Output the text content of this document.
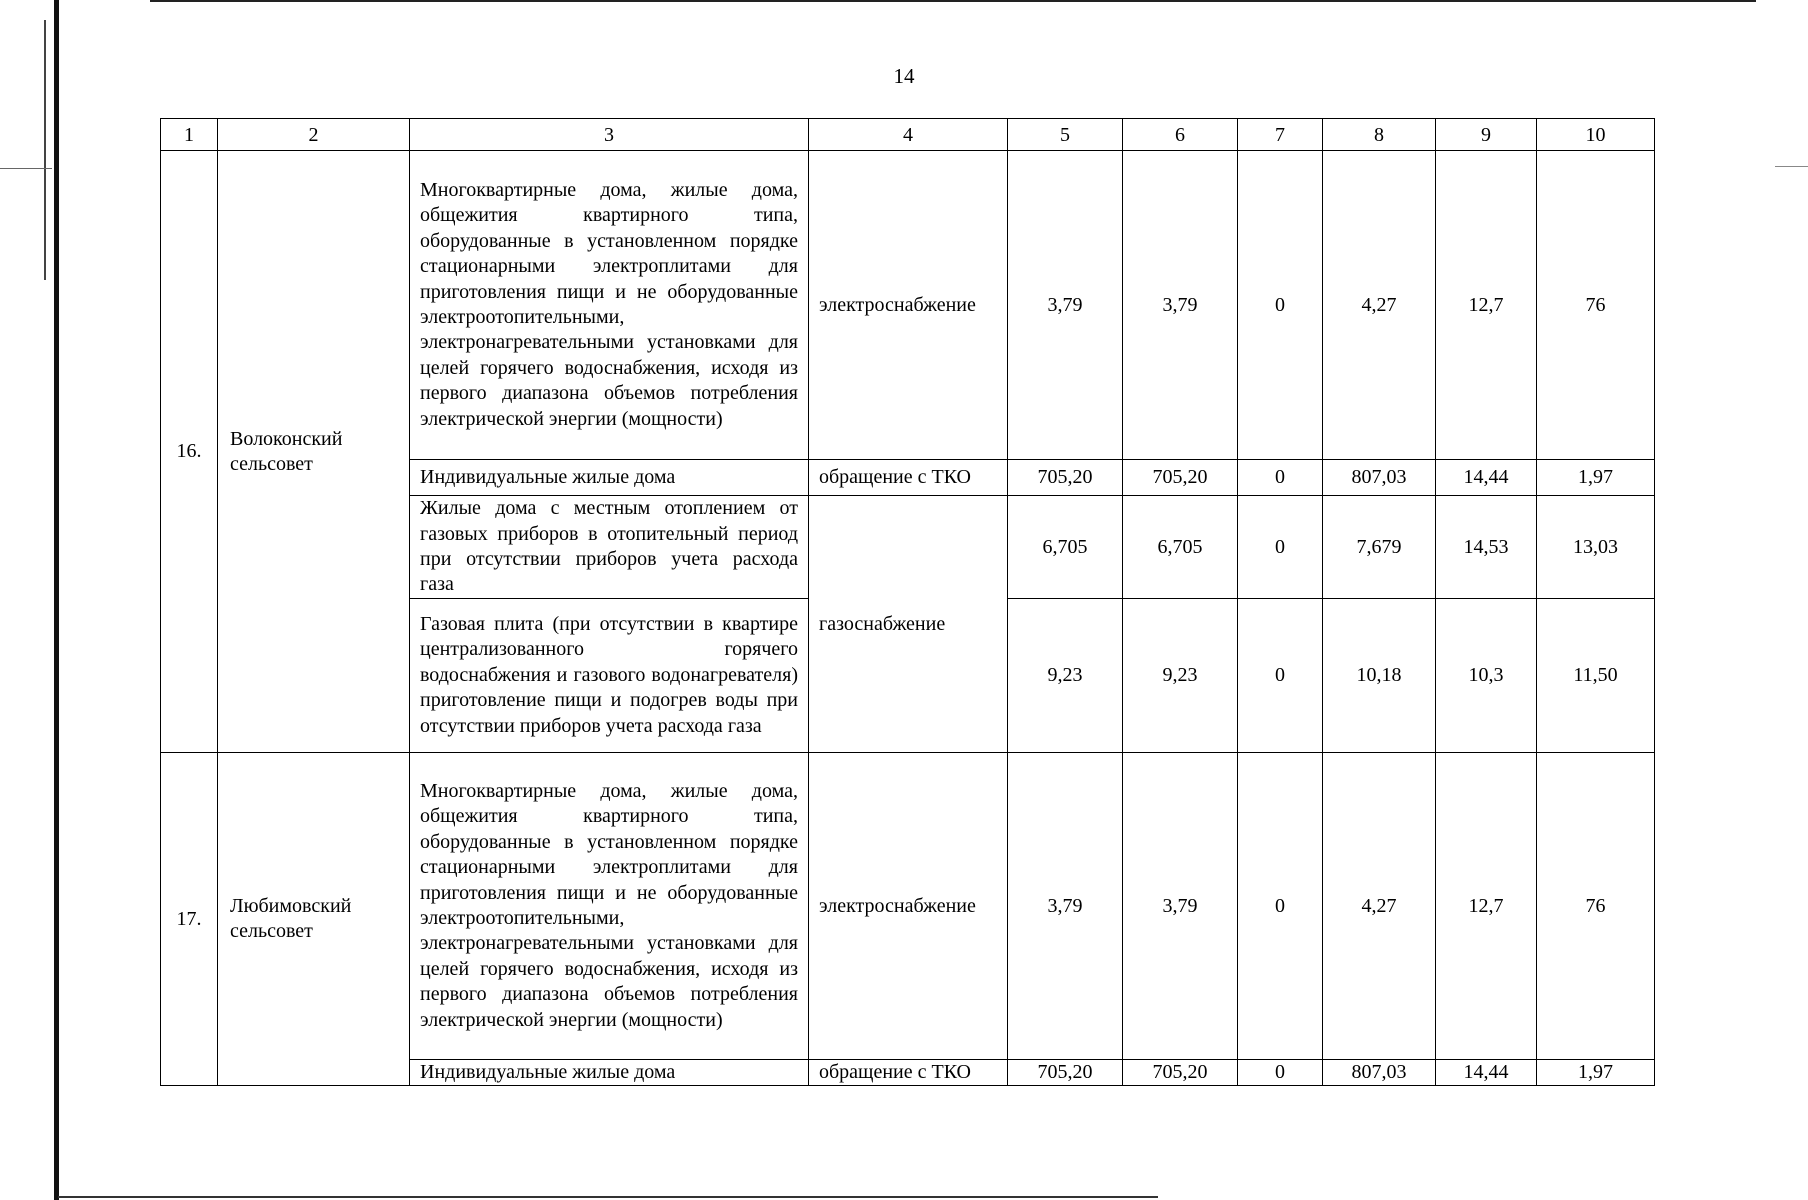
14
1	2	3	4	5	6	7	8	9	10
16.	Волоконский сельсовет	Многоквартирные дома, жилые дома, общежития квартирного типа, оборудованные в установленном порядке стационарными электроплитами для приготовления пищи и не оборудованные электроотопительными, электронагревательными установками для целей горячего водоснабжения, исходя из первого диапазона объемов потребления электрической энергии (мощности)	электроснабжение	3,79	3,79	0	4,27	12,7	76
		Индивидуальные жилые дома	обращение с ТКО	705,20	705,20	0	807,03	14,44	1,97
		Жилые дома с местным отоплением от газовых приборов в отопительный период при отсутствии приборов учета расхода газа	газоснабжение	6,705	6,705	0	7,679	14,53	13,03
		Газовая плита (при отсутствии в квартире централизованного горячего водоснабжения и газового водонагревателя) приготовление пищи и подогрев воды при отсутствии приборов учета расхода газа		9,23	9,23	0	10,18	10,3	11,50
17.	Любимовский сельсовет	Многоквартирные дома, жилые дома, общежития квартирного типа, оборудованные в установленном порядке стационарными электроплитами для приготовления пищи и не оборудованные электроотопительными, электронагревательными установками для целей горячего водоснабжения, исходя из первого диапазона объемов потребления электрической энергии (мощности)	электроснабжение	3,79	3,79	0	4,27	12,7	76
		Индивидуальные жилые дома	обращение с ТКО	705,20	705,20	0	807,03	14,44	1,97
